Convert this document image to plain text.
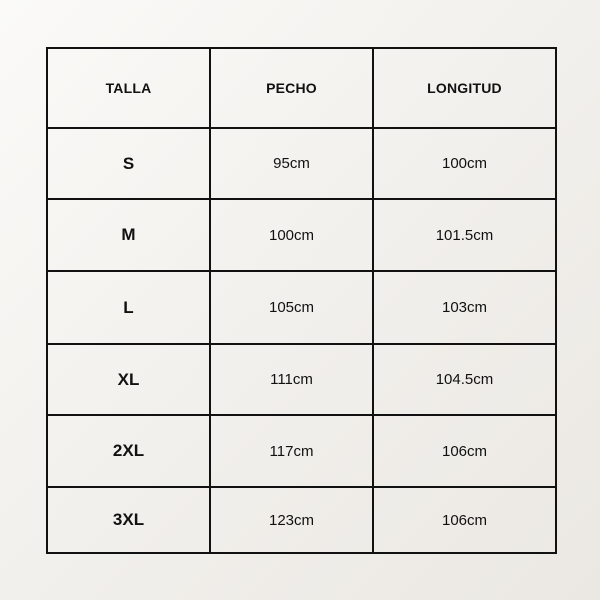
TALLA	PECHO	LONGITUD
S	95cm	100cm
M	100cm	101.5cm
L	105cm	103cm
XL	111cm	104.5cm
2XL	117cm	106cm
3XL	123cm	106cm
